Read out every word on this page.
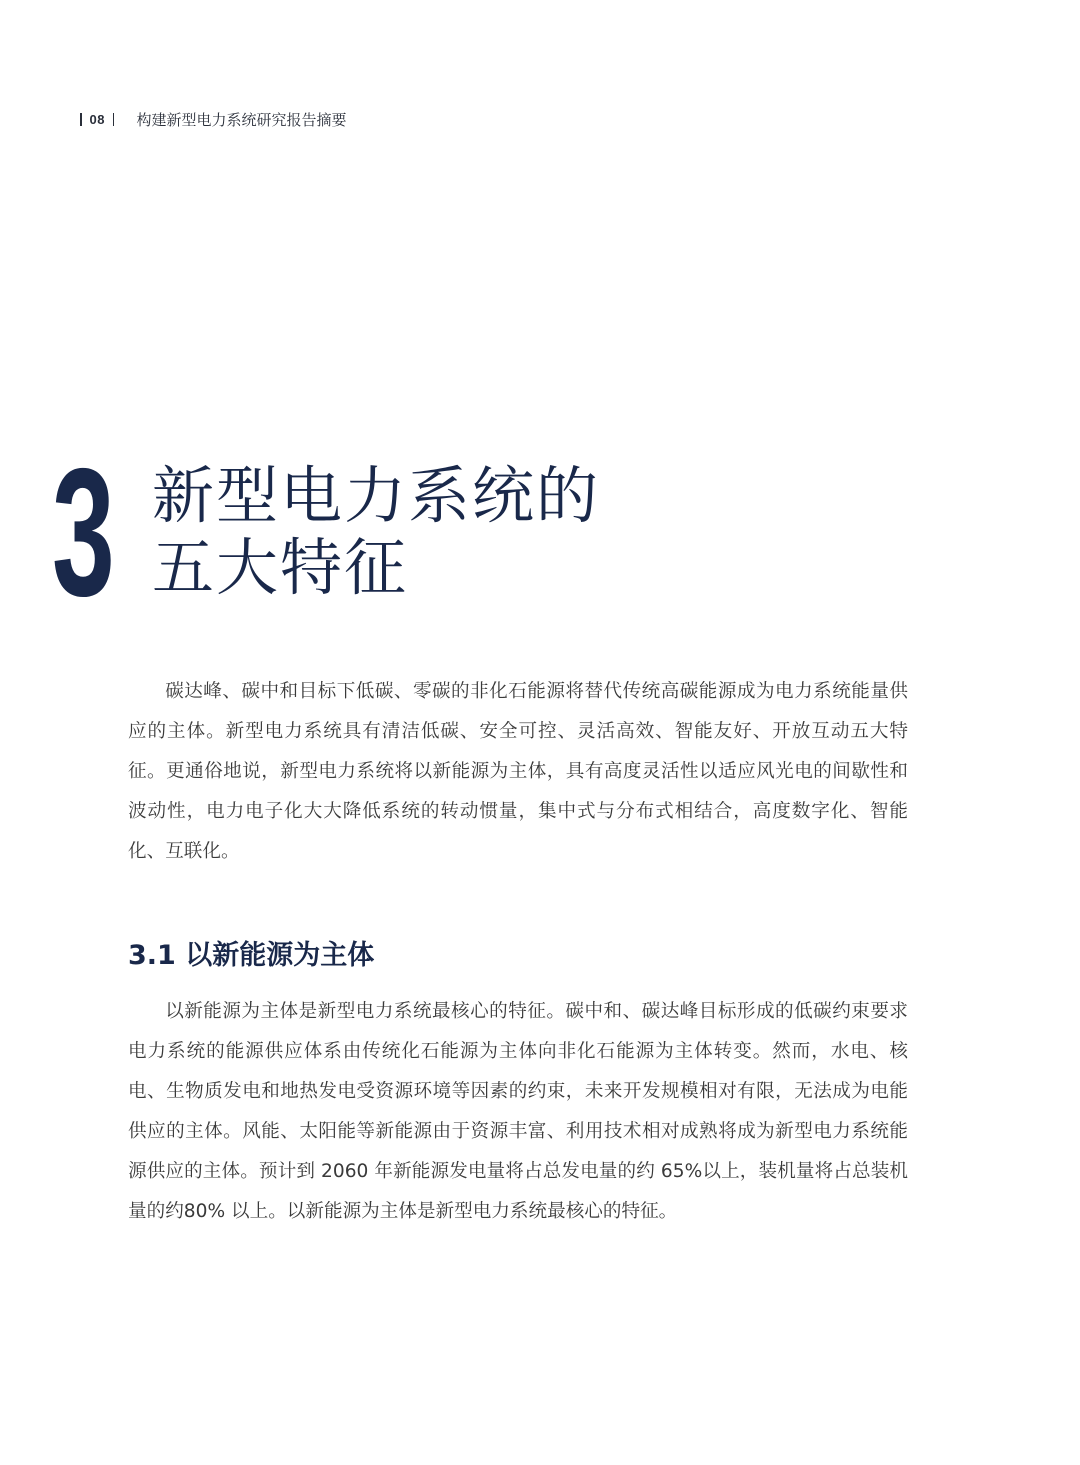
08 构建新型电力系统研究报告摘要
3 新型电力系统的
五大特征

碳达峰、碳中和目标下低碳、零碳的非化石能源将替代传统高碳能源成为电力系统能量供应的主体。新型电力系统具有清洁低碳、安全可控、灵活高效、智能友好、开放互动五大特征。更通俗地说，新型电力系统将以新能源为主体，具有高度灵活性以适应风光电的间歇性和波动性，电力电子化大大降低系统的转动惯量，集中式与分布式相结合，高度数字化、智能化、互联化。

3.1 以新能源为主体

以新能源为主体是新型电力系统最核心的特征。碳中和、碳达峰目标形成的低碳约束要求电力系统的能源供应体系由传统化石能源为主体向非化石能源为主体转变。然而，水电、核电、生物质发电和地热发电受资源环境等因素的约束，未来开发规模相对有限，无法成为电能供应的主体。风能、太阳能等新能源由于资源丰富、利用技术相对成熟将成为新型电力系统能源供应的主体。预计到 2060 年新能源发电量将占总发电量的约 65%以上，装机量将占总装机量的约80% 以上。以新能源为主体是新型电力系统最核心的特征。
